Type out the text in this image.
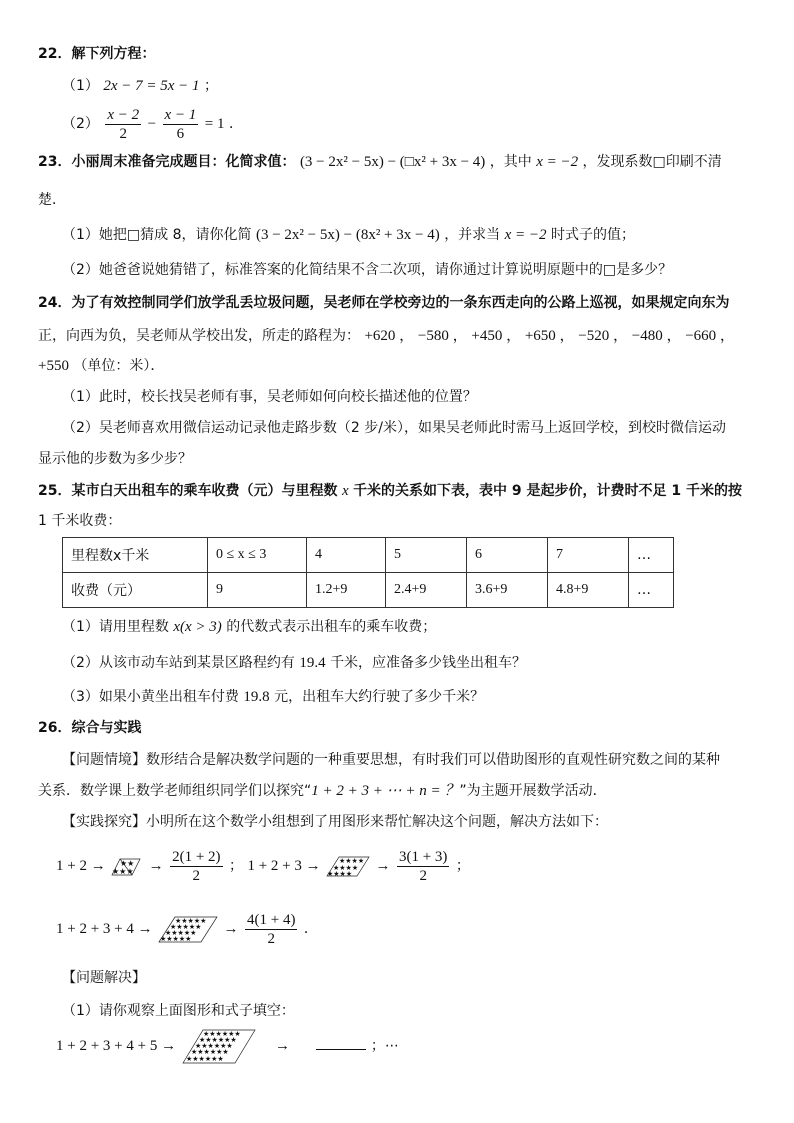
22．解下列方程：
（1） 2x − 7 = 5x − 1 ；
$(2) \frac{x - 2}{2} - \frac{x - 1}{6} = 1$ ．
23．小丽周末准备完成题目：化简求值： (3 − 2x² − 5x) − (□x² + 3x − 4) ，其中 x = −2 ，发现系数□印刷不清
楚．
（1）她把□猜成 8，请你化简 (3 − 2x² − 5x) − (8x² + 3x − 4) ，并求当 x = −2 时式子的值；
（2）她爸爸说她猜错了，标准答案的化简结果不含二次项，请你通过计算说明原题中的□是多少？
24．为了有效控制同学们放学乱丢垃圾问题，吴老师在学校旁边的一条东西走向的公路上巡视，如果规定向东为
正，向西为负，吴老师从学校出发，所走的路程为： +620 ， −580 ， +450 ， +650 ， −520 ， −480 ， −660 ，
+550 （单位：米）．
（1）此时，校长找吴老师有事，吴老师如何向校长描述他的位置？
（2）吴老师喜欢用微信运动记录他走路步数（2 步/米），如果吴老师此时需马上返回学校，到校时微信运动
显示他的步数为多少步？
25．某市白天出租车的乘车收费（元）与里程数 x 千米的关系如下表，表中 9 是起步价，计费时不足 1 千米的按
1 千米收费：
里程数x千米	0 ≤ x ≤ 3	4	5	6	7	…
收费（元）	9	1.2+9	2.4+9	3.6+9	4.8+9	…
（1）请用里程数 x(x > 3) 的代数式表示出租车的乘车收费；
（2）从该市动车站到某景区路程约有 19.4 千米，应准备多少钱坐出租车？
（3）如果小黄坐出租车付费 19.8 元，出租车大约行驶了多少千米？
26．综合与实践
【问题情境】数形结合是解决数学问题的一种重要思想，有时我们可以借助图形的直观性研究数之间的某种
关系．数学课上数学老师组织同学们以探究“1 + 2 + 3 + ⋯ + n = ？”为主题开展数学活动．
【实践探究】小明所在这个数学小组想到了用图形来帮忙解决这个问题，解决方法如下：
1 + 2 → ★★
★★★ → $\frac{2(1 + 2)}{2}$ ； 1 + 2 + 3 →	★★★★
★★★★
★★★★ → $\frac{3(1 + 3)}{2}$ ；
1 + 2 + 3 + 4 →	★★★★★
★★★★★
★★★★★
★★★★★
→ $\frac{4(1 + 4)}{2}$ ．
【问题解决】
（1）请你观察上面图形和式子填空：
1 + 2 + 3 + 4 + 5 →
★★★★★★
★★★★★★
★★★★★★
★★★★★★
★★★★★★
→	；⋯
